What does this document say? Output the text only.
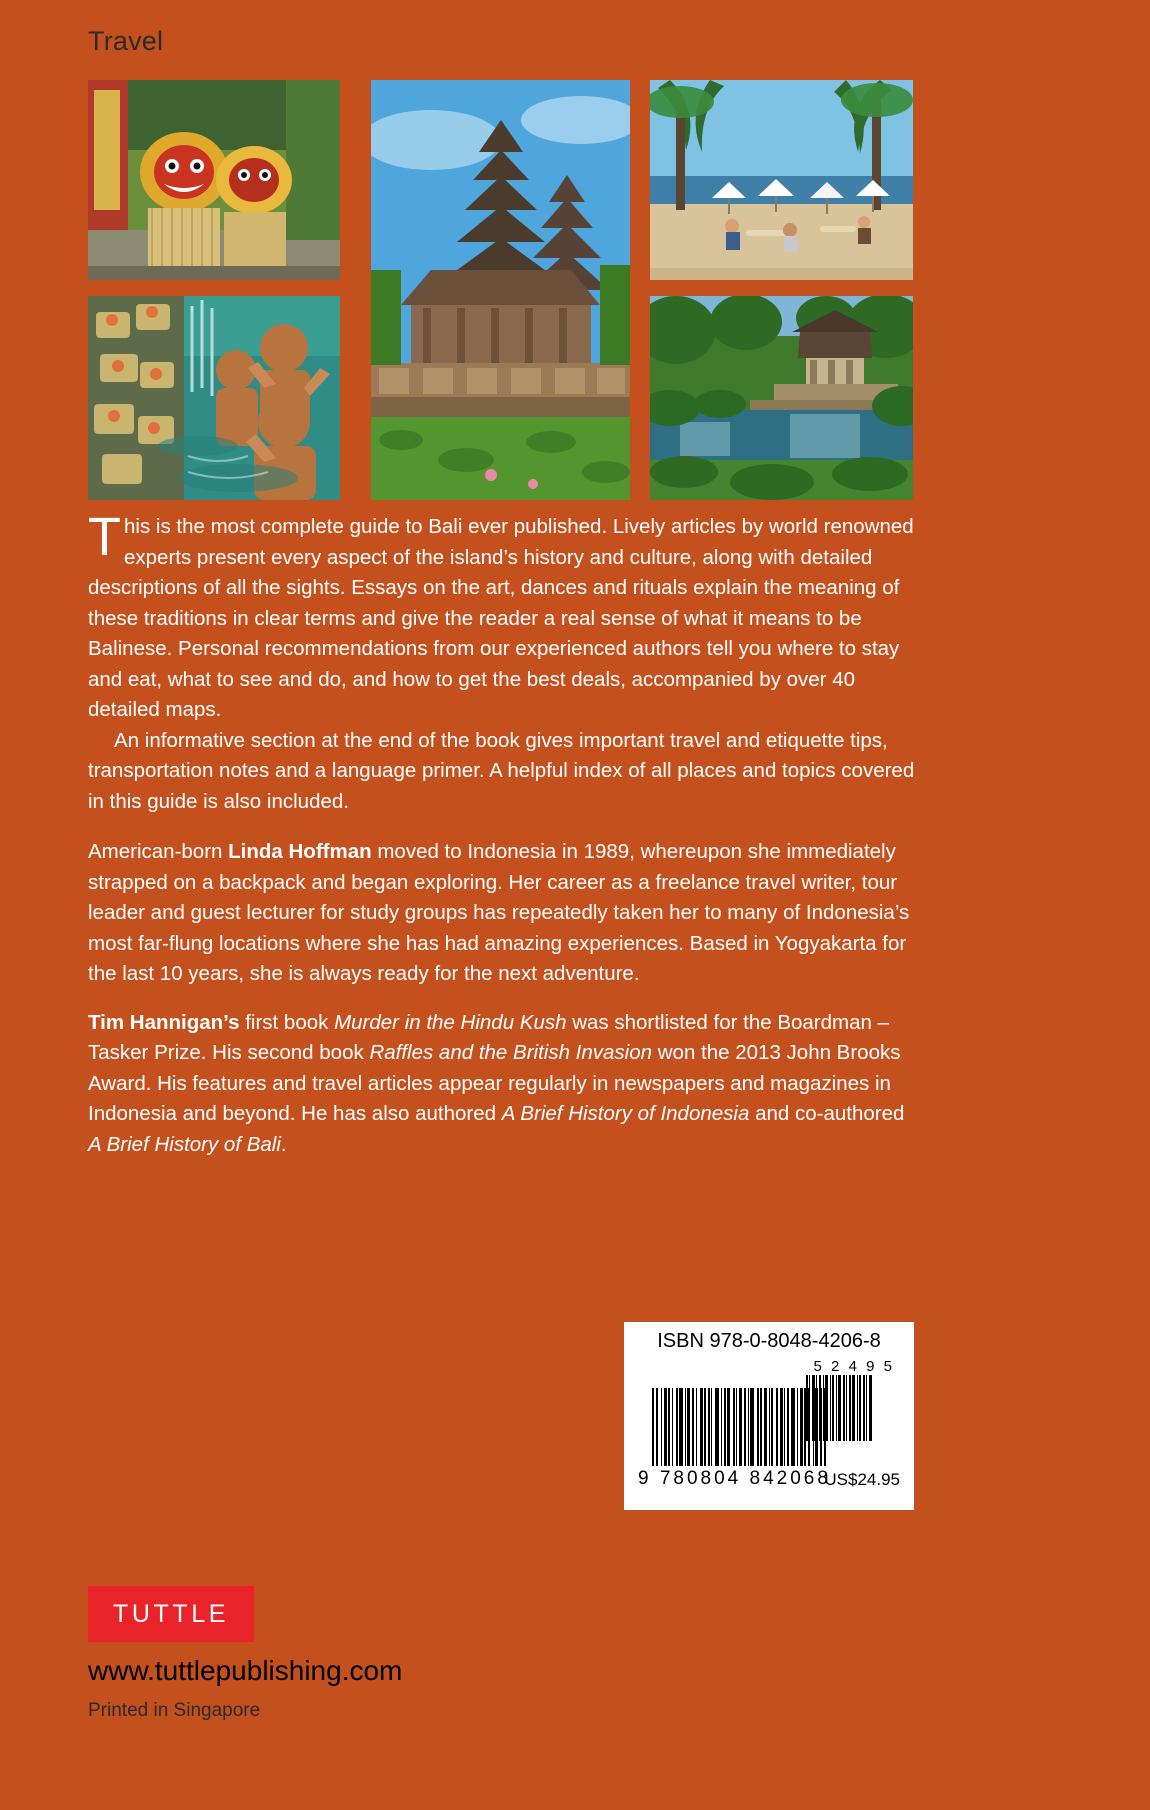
Travel

This is the most complete guide to Bali ever published. Lively articles by world renowned experts present every aspect of the island’s history and culture, along with detailed descriptions of all the sights. Essays on the art, dances and rituals explain the meaning of these traditions in clear terms and give the reader a real sense of what it means to be Balinese. Personal recommendations from our experienced authors tell you where to stay and eat, what to see and do, and how to get the best deals, accompanied by over 40 detailed maps.

An informative section at the end of the book gives important travel and etiquette tips, transportation notes and a language primer. A helpful index of all places and topics covered in this guide is also included.

American-born Linda Hoffman moved to Indonesia in 1989, whereupon she immediately strapped on a backpack and began exploring. Her career as a freelance travel writer, tour leader and guest lecturer for study groups has repeatedly taken her to many of Indonesia’s most far-flung locations where she has had amazing experiences. Based in Yogyakarta for the last 10 years, she is always ready for the next adventure.

Tim Hannigan’s first book Murder in the Hindu Kush was shortlisted for the Boardman –Tasker Prize. His second book Raffles and the British Invasion won the 2013 John Brooks Award. His features and travel articles appear regularly in newspapers and magazines in Indonesia and beyond. He has also authored A Brief History of Indonesia and co-authored A Brief History of Bali.

TUTTLE
www.tuttlepublishing.com
Printed in Singapore
ISBN 978-0-8048-4206-8
5 2 4 9 5
9 780804 842068
US$24.95
